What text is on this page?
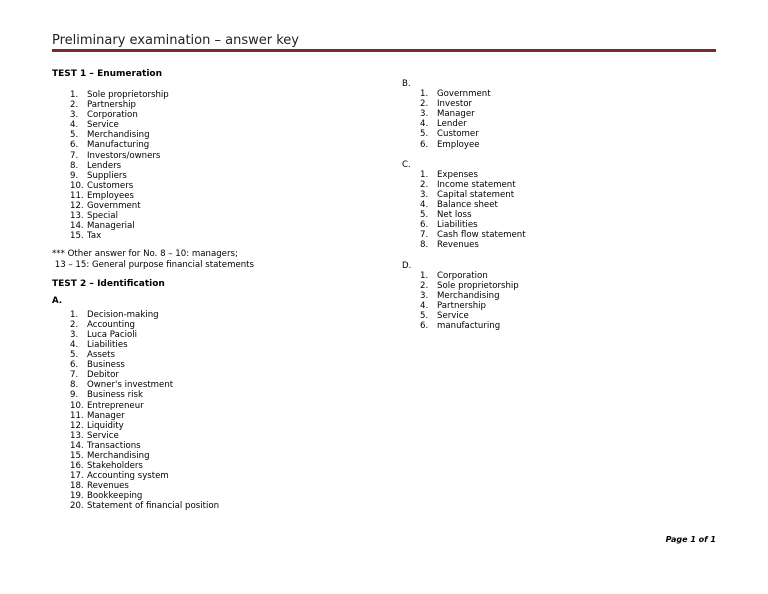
Preliminary examination – answer key
TEST 1 – Enumeration
1.	Sole proprietorship
2.	Partnership
3.	Corporation
4.	Service
5.	Merchandising
6.	Manufacturing
7.	Investors/owners
8.	Lenders
9.	Suppliers
10. Customers
11. Employees
12. Government
13. Special
14. Managerial
15. Tax
*** Other answer for No. 8 – 10: managers;
13 – 15: General purpose financial statements
TEST 2 – Identification
A.
1.	Decision-making
2.	Accounting
3.	Luca Pacioli
4.	Liabilities
5.	Assets
6.	Business
7.	Debitor
8.	Owner's investment
9.	Business risk
10. Entrepreneur
11. Manager
12. Liquidity
13. Service
14. Transactions
15. Merchandising
16. Stakeholders
17. Accounting system
18. Revenues
19. Bookkeeping
20. Statement of financial position
B.
1.	Government
2.	Investor
3.	Manager
4.	Lender
5.	Customer
6.	Employee
C.
1.	Expenses
2.	Income statement
3.	Capital statement
4.	Balance sheet
5.	Net loss
6.	Liabilities
7.	Cash flow statement
8.	Revenues
D.
1.	Corporation
2.	Sole proprietorship
3.	Merchandising
4.	Partnership
5.	Service
6.	manufacturing
Page 1 of 1
